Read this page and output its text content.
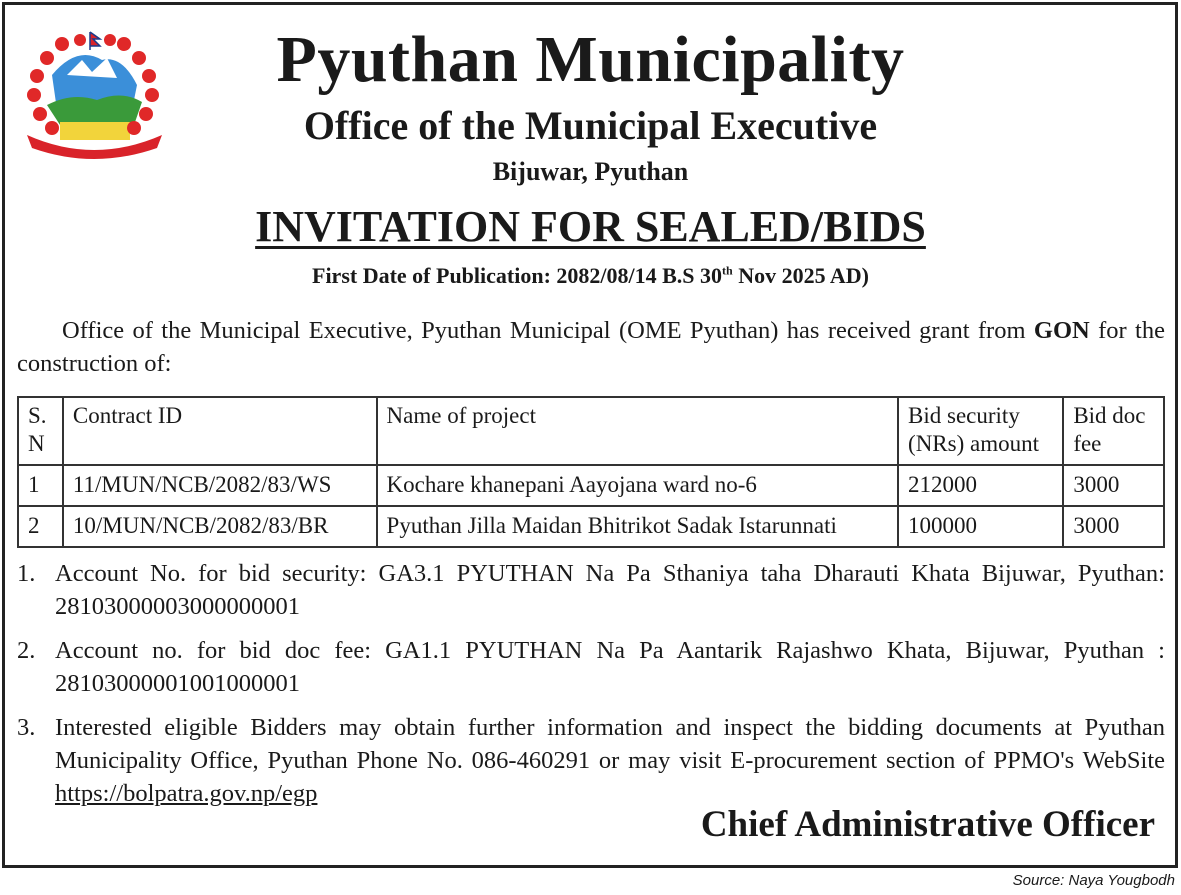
Pyuthan Municipality
Office of the Municipal Executive
Bijuwar, Pyuthan
INVITATION FOR SEALED/BIDS
First Date of Publication: 2082/08/14 B.S 30th Nov 2025 AD)
Office of the Municipal Executive, Pyuthan Municipal (OME Pyuthan) has received grant from GON for the construction of:
S. N	Contract ID	Name of project	Bid security (NRs) amount	Bid doc fee
1	11/MUN/NCB/2082/83/WS	Kochare khanepani Aayojana ward no-6	212000	3000
2	10/MUN/NCB/2082/83/BR	Pyuthan Jilla Maidan Bhitrikot Sadak Istarunnati	100000	3000
1. Account No. for bid security: GA3.1 PYUTHAN Na Pa Sthaniya taha Dharauti Khata Bijuwar, Pyuthan: 28103000003000000001
2. Account no. for bid doc fee: GA1.1 PYUTHAN Na Pa Aantarik Rajashwo Khata, Bijuwar, Pyuthan : 28103000001001000001
3. Interested eligible Bidders may obtain further information and inspect the bidding documents at Pyuthan Municipality Office, Pyuthan Phone No. 086-460291 or may visit E-procurement section of PPMO's WebSite https://bolpatra.gov.np/egp
Chief Administrative Officer
Source: Naya Yougbodh
